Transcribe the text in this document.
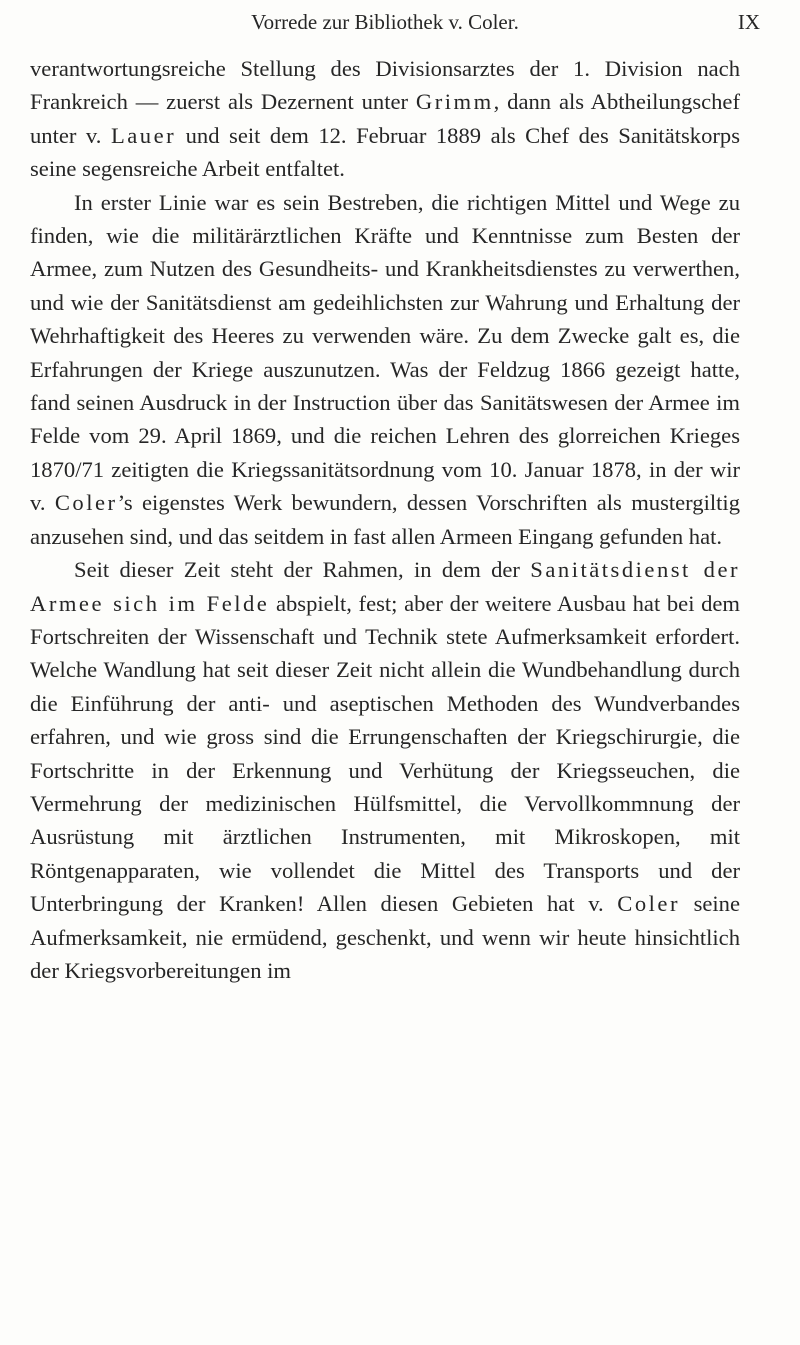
Vorrede zur Bibliothek v. Coler.	IX

verantwortungsreiche Stellung des Divisionsarztes der 1. Division nach Frankreich — zuerst als Dezernent unter Grimm, dann als Abtheilungschef unter v. Lauer und seit dem 12. Februar 1889 als Chef des Sanitätskorps seine segensreiche Arbeit entfaltet.

In erster Linie war es sein Bestreben, die richtigen Mittel und Wege zu finden, wie die militärärztlichen Kräfte und Kenntnisse zum Besten der Armee, zum Nutzen des Gesundheits- und Krankheitsdienstes zu verwerthen, und wie der Sanitätsdienst am gedeihlichsten zur Wahrung und Erhaltung der Wehrhaftigkeit des Heeres zu verwenden wäre. Zu dem Zwecke galt es, die Erfahrungen der Kriege auszunutzen. Was der Feldzug 1866 gezeigt hatte, fand seinen Ausdruck in der Instruction über das Sanitätswesen der Armee im Felde vom 29. April 1869, und die reichen Lehren des glorreichen Krieges 1870/71 zeitigten die Kriegssanitätsordnung vom 10. Januar 1878, in der wir v. Coler’s eigenstes Werk bewundern, dessen Vorschriften als mustergiltig anzusehen sind, und das seitdem in fast allen Armeen Eingang gefunden hat.

Seit dieser Zeit steht der Rahmen, in dem der Sanitätsdienst der Armee sich im Felde abspielt, fest; aber der weitere Ausbau hat bei dem Fortschreiten der Wissenschaft und Technik stete Aufmerksamkeit erfordert. Welche Wandlung hat seit dieser Zeit nicht allein die Wundbehandlung durch die Einführung der anti- und aseptischen Methoden des Wundverbandes erfahren, und wie gross sind die Errungenschaften der Kriegschirurgie, die Fortschritte in der Erkennung und Verhütung der Kriegsseuchen, die Vermehrung der medizinischen Hülfsmittel, die Vervollkommnung der Ausrüstung mit ärztlichen Instrumenten, mit Mikroskopen, mit Röntgenapparaten, wie vollendet die Mittel des Transports und der Unterbringung der Kranken! Allen diesen Gebieten hat v. Coler seine Aufmerksamkeit, nie ermüdend, geschenkt, und wenn wir heute hinsichtlich der Kriegsvorbereitungen im
